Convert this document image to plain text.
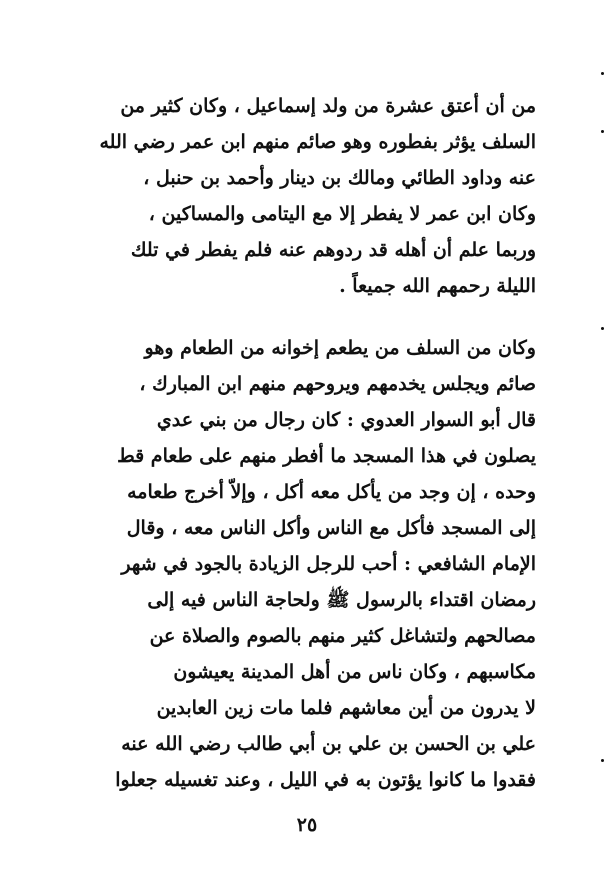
من أن أعتق عشرة من ولد إسماعيل ، وكان كثير من
السلف يؤثر بفطوره وهو صائم منهم ابن عمر رضي الله
عنه وداود الطائي ومالك بن دينار وأحمد بن حنبل ،
وكان ابن عمر لا يفطر إلا مع اليتامى والمساكين ،
وربما علم أن أهله قد ردوهم عنه فلم يفطر في تلك
الليلة رحمهم الله جميعاً .
وكان من السلف من يطعم إخوانه من الطعام وهو
صائم ويجلس يخدمهم ويروحهم منهم ابن المبارك ،
قال أبو السوار العدوي : كان رجال من بني عدي
يصلون في هذا المسجد ما أفطر منهم على طعام قط
وحده ، إن وجد من يأكل معه أكل ، وإلاّ أخرج طعامه
إلى المسجد فأكل مع الناس وأكل الناس معه ، وقال
الإمام الشافعي : أحب للرجل الزيادة بالجود في شهر
رمضان اقتداء بالرسول ﷺ ولحاجة الناس فيه إلى
مصالحهم ولتشاغل كثير منهم بالصوم والصلاة عن
مكاسبهم ، وكان ناس من أهل المدينة يعيشون
لا يدرون من أين معاشهم فلما مات زين العابدين
علي بن الحسن بن علي بن أبي طالب رضي الله عنه
فقدوا ما كانوا يؤتون به في الليل ، وعند تغسيله جعلوا
٢٥
